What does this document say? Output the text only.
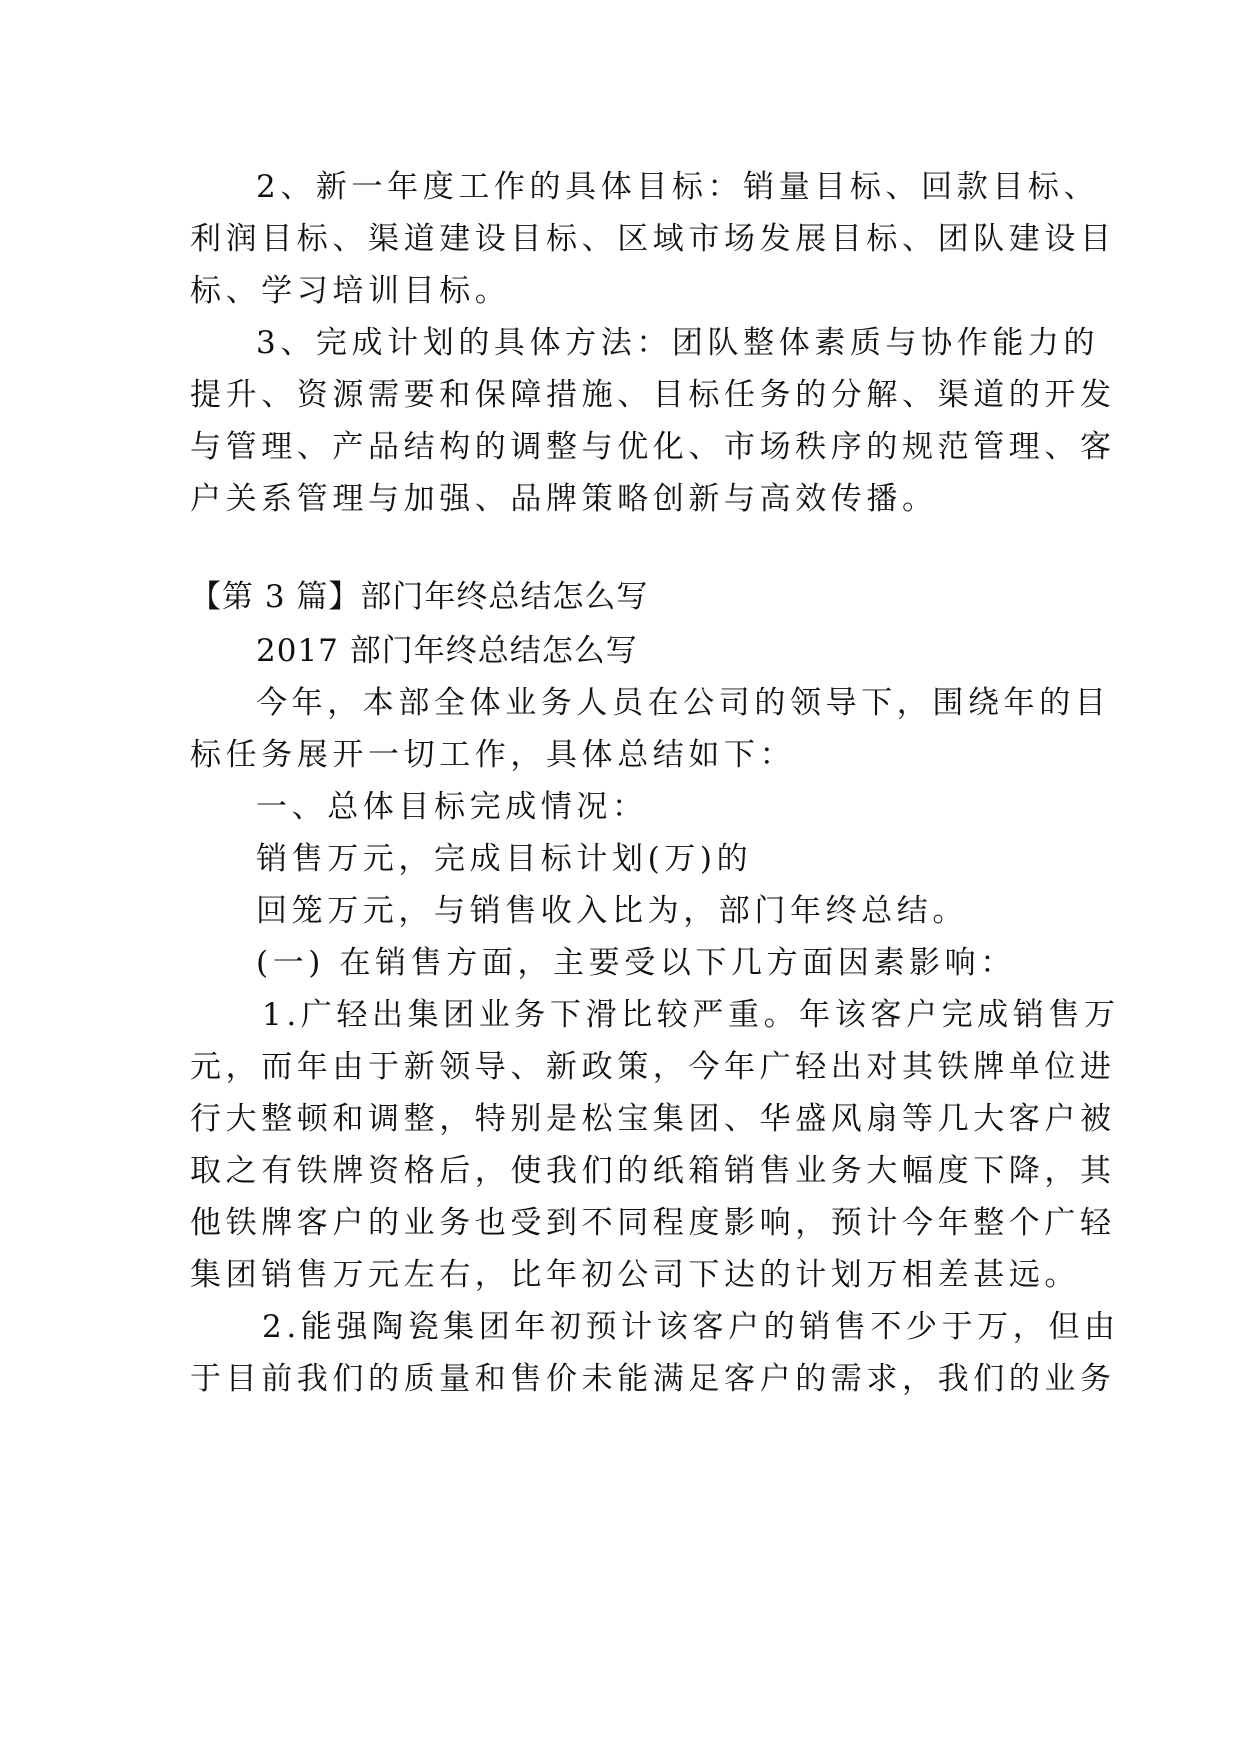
2、新一年度工作的具体目标：销量目标、回款目标、
利润目标、渠道建设目标、区域市场发展目标、团队建设目
标、学习培训目标。
3、完成计划的具体方法：团队整体素质与协作能力的
提升、资源需要和保障措施、目标任务的分解、渠道的开发
与管理、产品结构的调整与优化、市场秩序的规范管理、客
户关系管理与加强、品牌策略创新与高效传播。
【第 3 篇】部门年终总结怎么写
2017 部门年终总结怎么写
今年，本部全体业务人员在公司的领导下，围绕年的目
标任务展开一切工作，具体总结如下：
一、总体目标完成情况：
销售万元，完成目标计划(万)的
回笼万元，与销售收入比为，部门年终总结。
(一) 在销售方面，主要受以下几方面因素影响：
1.广轻出集团业务下滑比较严重。年该客户完成销售万
元，而年由于新领导、新政策，今年广轻出对其铁牌单位进
行大整顿和调整，特别是松宝集团、华盛风扇等几大客户被
取之有铁牌资格后，使我们的纸箱销售业务大幅度下降，其
他铁牌客户的业务也受到不同程度影响，预计今年整个广轻
集团销售万元左右，比年初公司下达的计划万相差甚远。
2.能强陶瓷集团年初预计该客户的销售不少于万，但由
于目前我们的质量和售价未能满足客户的需求，我们的业务
